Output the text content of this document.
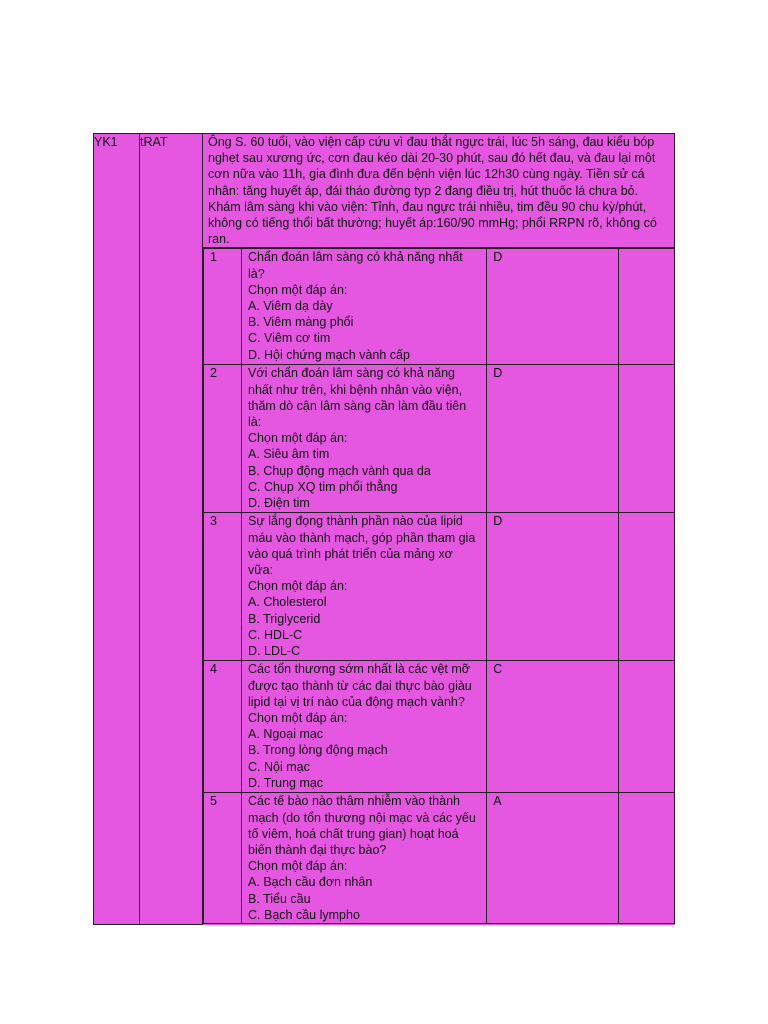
YK1	tRAT	Ông S. 60 tuổi, vào viện cấp cứu vì đau thắt ngực trái, lúc 5h sáng, đau kiểu bóp nghẹt sau xương ức, cơn đau kéo dài 20-30 phút, sau đó hết đau, và đau lại một cơn nữa vào 11h, gia đình đưa đến bệnh viện lúc 12h30 cùng ngày. Tiền sử cá nhân: tăng huyết áp, đái tháo đường typ 2 đang điều trị, hút thuốc lá chưa bỏ. Khám lâm sàng khi vào viện: Tỉnh, đau ngực trái nhiều, tim đều 90 chu kỳ/phút, không có tiếng thổi bất thường; huyết áp:160/90 mmHg; phổi RRPN rõ, không có ran.

1	Chẩn đoán lâm sàng có khả năng nhất là?
Chọn một đáp án:
A. Viêm dạ dày
B. Viêm màng phổi
C. Viêm cơ tim
D. Hội chứng mạch vành cấp
	D	
2	Với chẩn đoán lâm sàng có khả năng nhất như trên, khi bệnh nhân vào viện, thăm dò cận lâm sàng cần làm đầu tiên là:
Chọn một đáp án:
A. Siêu âm tim
B. Chụp động mạch vành qua da
C. Chụp XQ tim phổi thẳng
D. Điện tim
	D	
3	Sự lắng đọng thành phần nào của lipid máu vào thành mạch, góp phần tham gia vào quá trình phát triển của mảng xơ vữa:
Chọn một đáp án:
A. Cholesterol
B. Triglycerid
C. HDL-C
D. LDL-C
	D	
4	Các tổn thương sớm nhất là các vệt mỡ được tạo thành từ các đại thực bào giàu lipid tại vị trí nào của động mạch vành?
Chọn một đáp án:
A. Ngoại mạc
B. Trong lòng động mạch
C. Nội mạc
D. Trung mạc
	C	
5	Các tế bào nào thâm nhiễm vào thành mạch (do tổn thương nội mạc và các yếu tố viêm, hoá chất trung gian) hoạt hoá biến thành đại thực bào?
Chọn một đáp án:
A. Bạch cầu đơn nhân
B. Tiểu cầu
C. Bạch cầu lympho
	A	
